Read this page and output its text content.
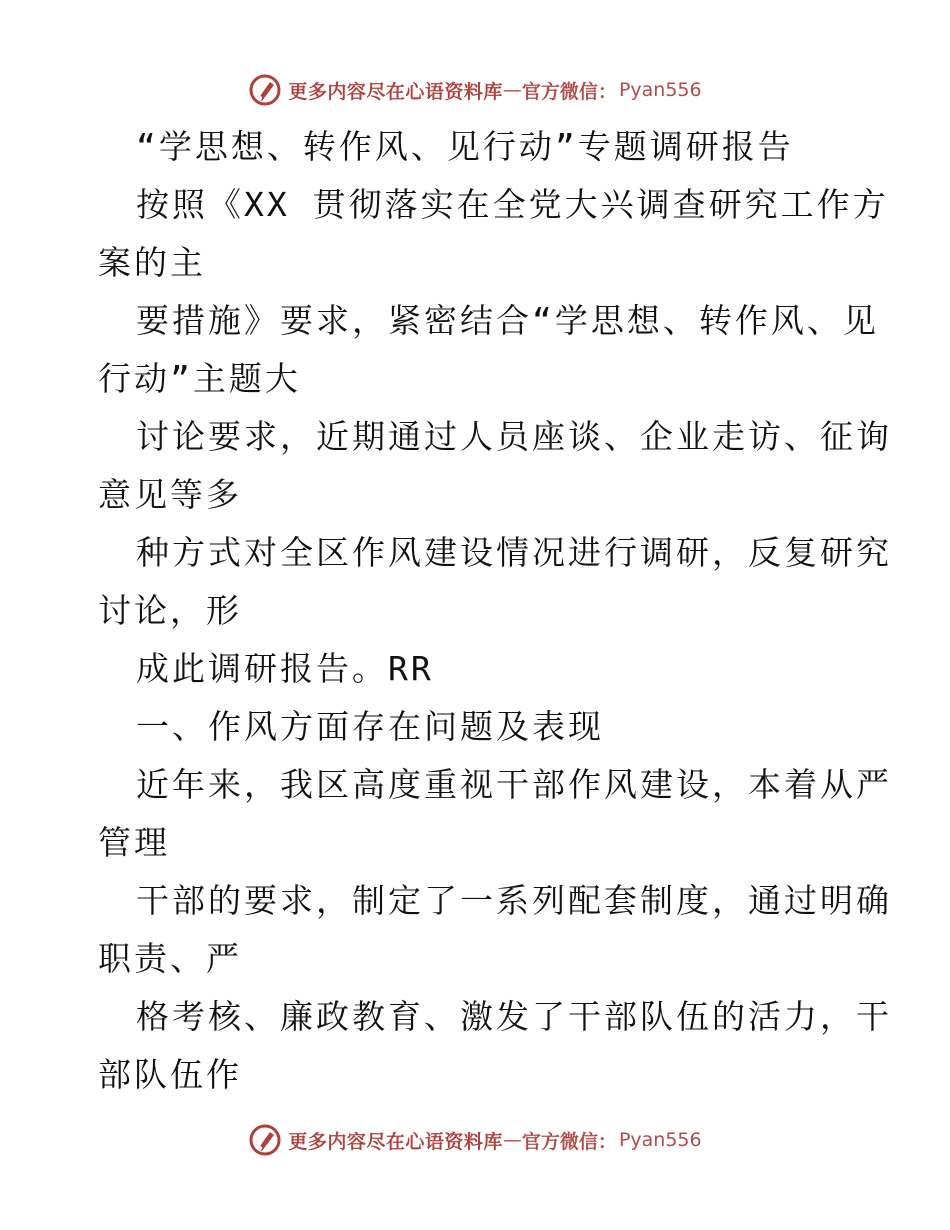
更多内容尽在心语资料库 — 官方微信： Pyan556
“学思想、转作风、见行动”专题调研报告
按照《XX 贯彻落实在全党大兴调查研究工作方
案的主
要措施》要求，紧密结合“学思想、转作风、见
行动”主题大
讨论要求，近期通过人员座谈、企业走访、征询
意见等多
种方式对全区作风建设情况进行调研，反复研究
讨论，形
成此调研报告。RR
一、作风方面存在问题及表现
近年来，我区高度重视干部作风建设，本着从严
管理
干部的要求，制定了一系列配套制度，通过明确
职责、严
格考核、廉政教育、激发了干部队伍的活力，干
部队伍作
更多内容尽在心语资料库 — 官方微信： Pyan556
